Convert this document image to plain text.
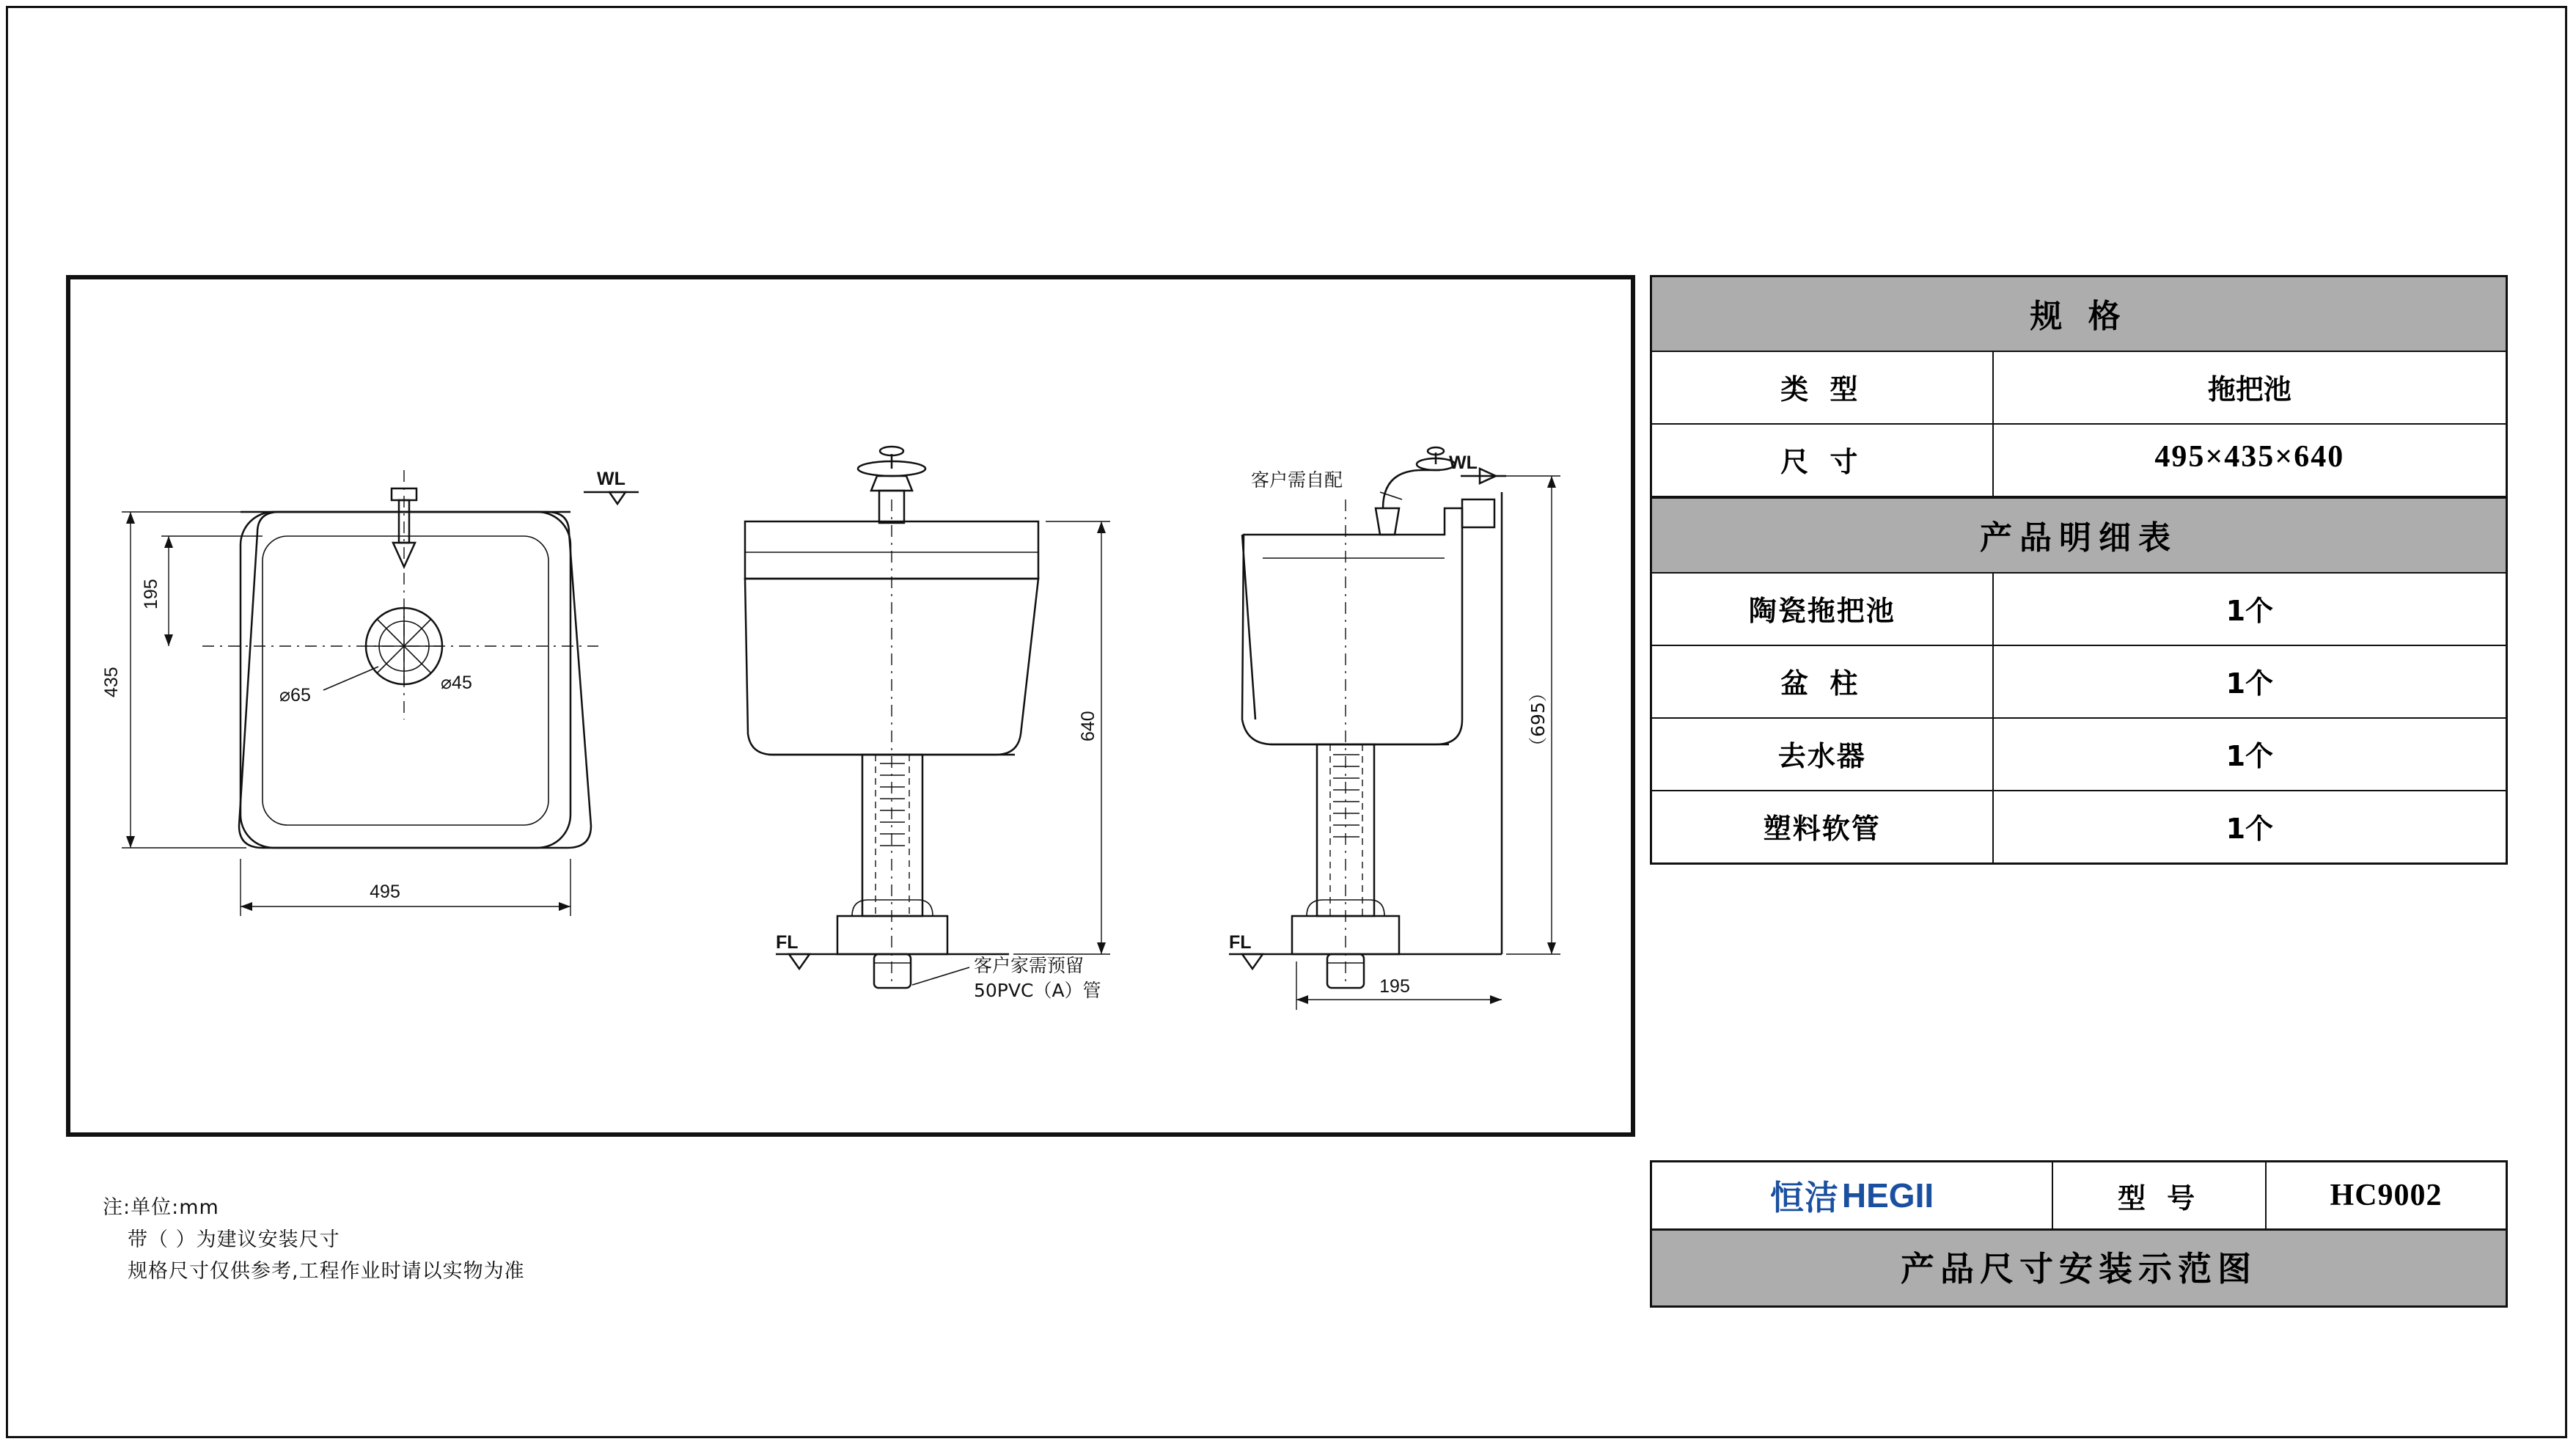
⌀65
⌀45
WL
435
195
495
FL
640
客户家需预留
50PVC（A）管
FL
WL
客户需自配
195
（695）
注:单位:mm
带（ ）为建议安装尺寸
规格尺寸仅供参考,工程作业时请以实物为准
规 格
类 型	拖把池
尺 寸	495×435×640
产品明细表
陶瓷拖把池	1个
盆 柱	1个
去水器	1个
塑料软管	1个
恒洁 HEGII	型 号	HC9002
产品尺寸安装示范图
